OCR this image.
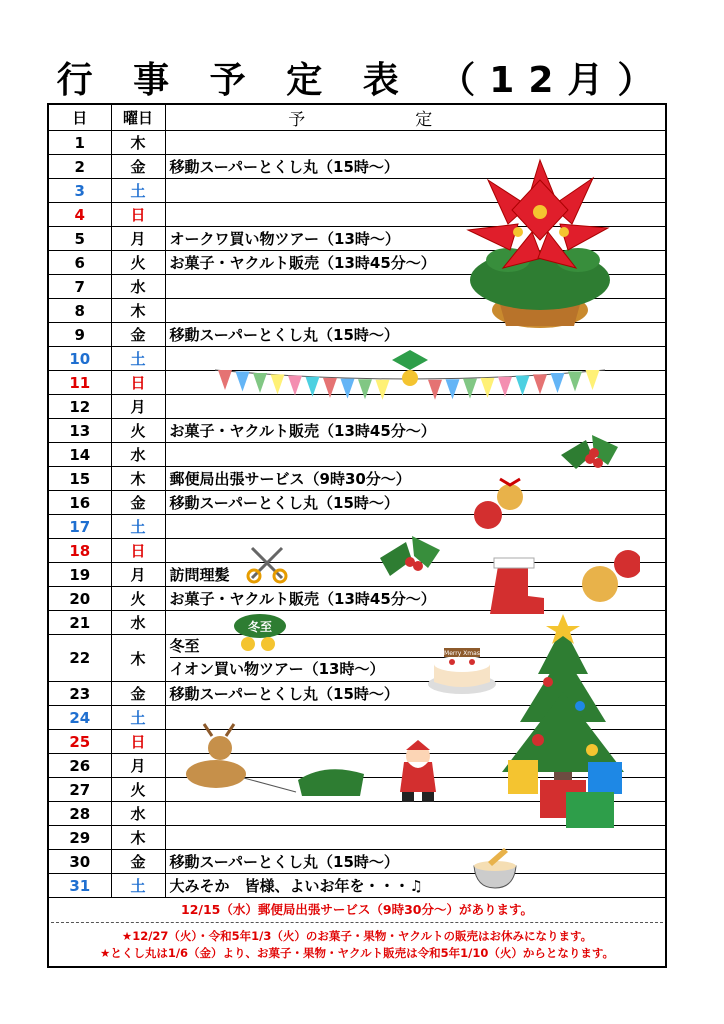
行 事 予 定 表 （12月）
日	曜日	予定
1	木	
2	金	移動スーパーとくし丸（15時～）
3	土	
4	日	
5	月	オークワ買い物ツアー（13時～）
6	火	お菓子・ヤクルト販売（13時45分～）
7	水	
8	木	
9	金	移動スーパーとくし丸（15時～）
10	土	
11	日	
12	月	
13	火	お菓子・ヤクルト販売（13時45分～）
14	水	
15	木	郵便局出張サービス（9時30分～）
16	金	移動スーパーとくし丸（15時～）
17	土	
18	日	
19	月	訪問理髪
20	火	お菓子・ヤクルト販売（13時45分～）
21	水	
22	木	冬至
イオン買い物ツアー（13時～）

23	金	移動スーパーとくし丸（15時～）
24	土	
25	日	
26	月	
27	火	
28	水	
29	木	
30	金	移動スーパーとくし丸（15時～）
31	土	大みそか　皆様、よいお年を・・・♫
12/15（水）郵便局出張サービス（9時30分～）があります。
★12/27（火）・令和5年1/3（火）のお菓子・果物・ヤクルトの販売はお休みになります。
★とくし丸は1/6（金）より、お菓子・果物・ヤクルト販売は令和5年1/10（火）からとなります。
冬至
Merry Xmas
